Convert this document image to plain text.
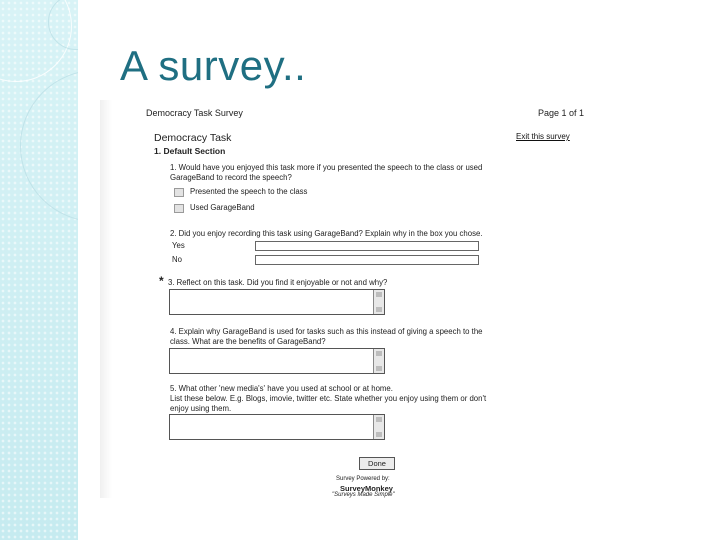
A survey..
Democracy Task Survey	Page 1 of 1
Democracy Task	Exit this survey
1. Default Section
1. Would have you enjoyed this task more if you presented the speech to the class or used
GarageBand to record the speech?
Presented the speech to the class
Used GarageBand
2. Did you enjoy recording this task using GarageBand? Explain why in the box you chose.
Yes
No
* 3. Reflect on this task. Did you find it enjoyable or not and why?
4. Explain why GarageBand is used for tasks such as this instead of giving a speech to the
class. What are the benefits of GarageBand?
5. What other 'new media's' have you used at school or at home.
List these below. E.g. Blogs, imovie, twitter etc. State whether you enjoy using them or don't
enjoy using them.
Done
Survey Powered by:
SurveyMonkey
"Surveys Made Simple"
